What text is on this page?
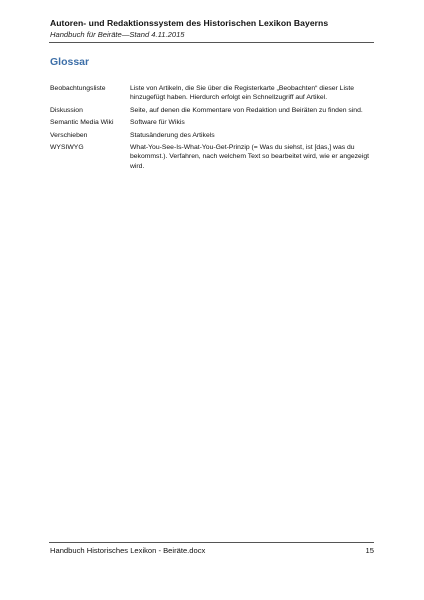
Autoren- und Redaktionssystem des Historischen Lexikon Bayerns
Handbuch für Beiräte—Stand 4.11.2015
Glossar
Beobachtungsliste	Liste von Artikeln, die Sie über die Registerkarte „Beobachten“ dieser Liste hinzugefügt haben. Hierdurch erfolgt ein Schnellzugriff auf Artikel.
Diskussion	Seite, auf denen die Kommentare von Redaktion und Beiräten zu finden sind.
Semantic Media Wiki	Software für Wikis
Verschieben	Statusänderung des Artikels
WYSIWYG	What-You-See-Is-What-You-Get-Prinzip (= Was du siehst, ist [das,] was du bekommst.). Verfahren, nach welchem Text so bearbeitet wird, wie er angezeigt wird.
Handbuch Historisches Lexikon - Beiräte.docx	15
